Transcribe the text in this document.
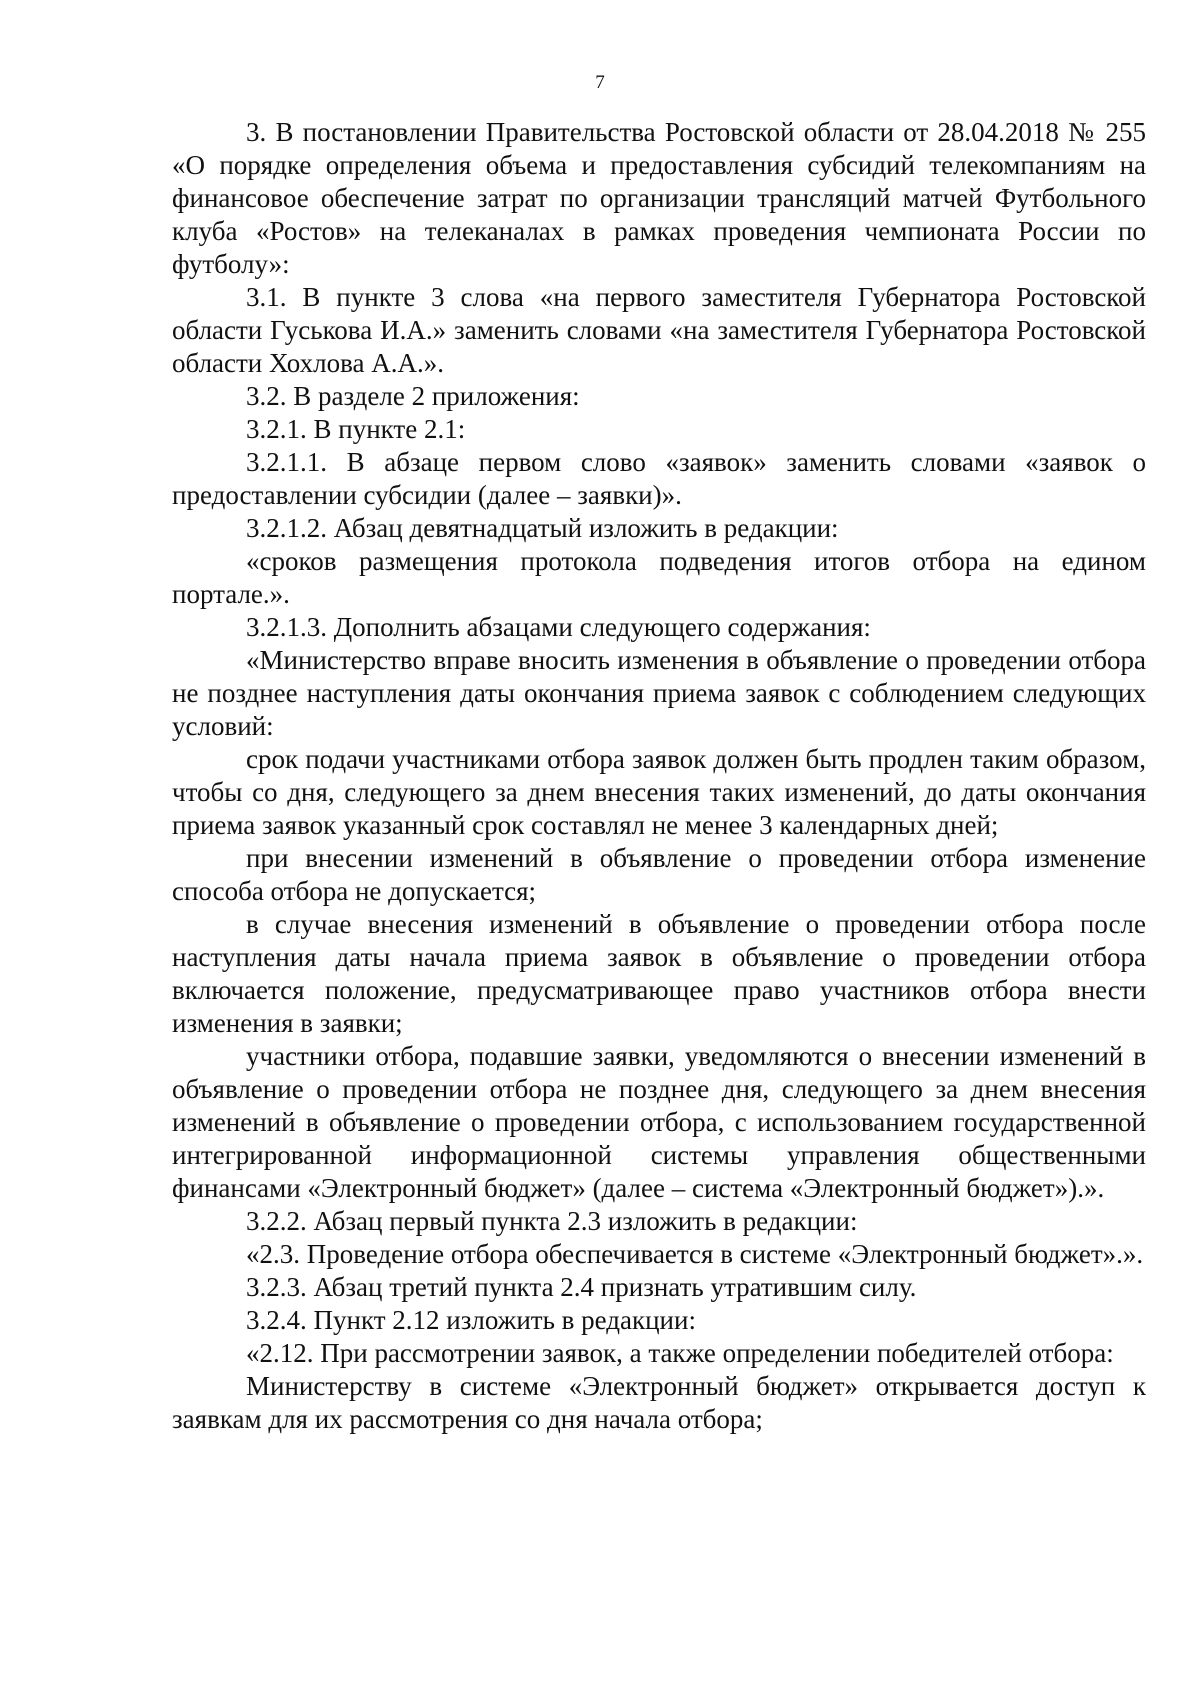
7

3. В постановлении Правительства Ростовской области от 28.04.2018 № 255 «О порядке определения объема и предоставления субсидий телекомпаниям на финансовое обеспечение затрат по организации трансляций матчей Футбольного клуба «Ростов» на телеканалах в рамках проведения чемпионата России по футболу»:

3.1. В пункте 3 слова «на первого заместителя Губернатора Ростовской области Гуськова И.А.» заменить словами «на заместителя Губернатора Ростовской области Хохлова А.А.».

3.2. В разделе 2 приложения:

3.2.1. В пункте 2.1:

3.2.1.1. В абзаце первом слово «заявок» заменить словами «заявок о предоставлении субсидии (далее – заявки)».

3.2.1.2. Абзац девятнадцатый изложить в редакции:

«сроков размещения протокола подведения итогов отбора на едином портале.».

3.2.1.3. Дополнить абзацами следующего содержания:

«Министерство вправе вносить изменения в объявление о проведении отбора не позднее наступления даты окончания приема заявок с соблюдением следующих условий:

срок подачи участниками отбора заявок должен быть продлен таким образом, чтобы со дня, следующего за днем внесения таких изменений, до даты окончания приема заявок указанный срок составлял не менее 3 календарных дней;

при внесении изменений в объявление о проведении отбора изменение способа отбора не допускается;

в случае внесения изменений в объявление о проведении отбора после наступления даты начала приема заявок в объявление о проведении отбора включается положение, предусматривающее право участников отбора внести изменения в заявки;

участники отбора, подавшие заявки, уведомляются о внесении изменений в объявление о проведении отбора не позднее дня, следующего за днем внесения изменений в объявление о проведении отбора, с использованием государственной интегрированной информационной системы управления общественными финансами «Электронный бюджет» (далее – система «Электронный бюджет»).».

3.2.2. Абзац первый пункта 2.3 изложить в редакции:

«2.3. Проведение отбора обеспечивается в системе «Электронный бюджет».».

3.2.3. Абзац третий пункта 2.4 признать утратившим силу.

3.2.4. Пункт 2.12 изложить в редакции:

«2.12. При рассмотрении заявок, а также определении победителей отбора:

Министерству в системе «Электронный бюджет» открывается доступ к заявкам для их рассмотрения со дня начала отбора;
